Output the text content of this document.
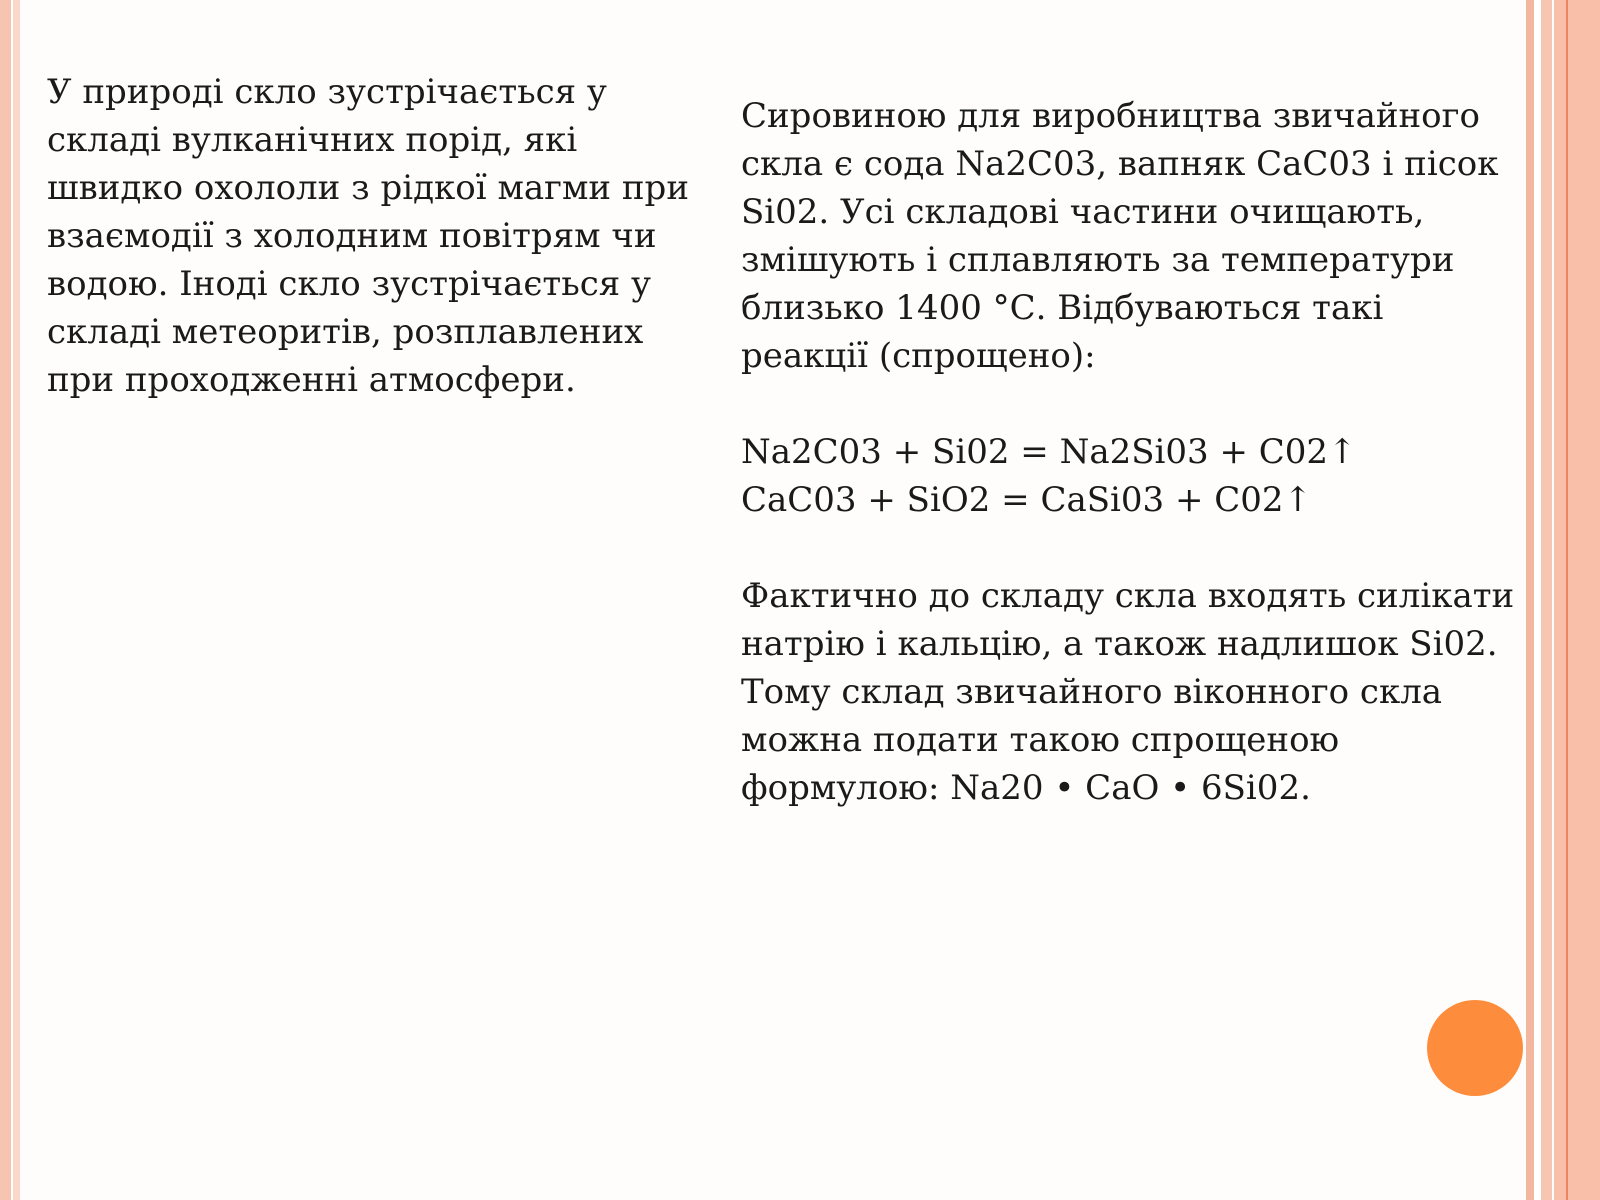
У природі скло зустрічається у складі вулканічних порід, які швидко охололи з рідкої магми при взаємодії з холодним повітрям чи водою. Іноді скло зустрічається у складі метеоритів, розплавлених при проходженні атмосфери.

Сировиною для виробництва звичайного скла є сода Na2C03, вапняк CaC03 і пісок Si02. Усі складові частини очищають, змішують і сплавляють за температури близько 1400 °С. Відбуваються такі реакції (спрощено):

Na2C03 + Si02 = Na2Si03 + C02↑

CaC03 + SiO2 = CaSi03 + C02↑

Фактично до складу скла входять силікати натрію і кальцію, а також надлишок Si02. Тому склад звичайного віконного скла можна подати такою спрощеною формулою: Na20 • CaO • 6Si02.
